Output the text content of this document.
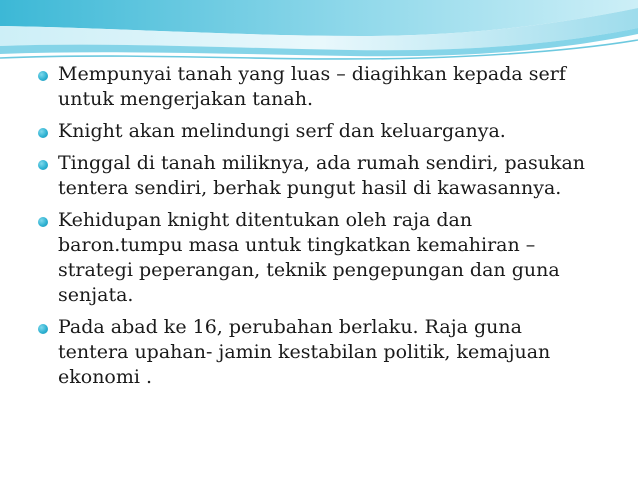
Mempunyai tanah yang luas – diagihkan kepada serf untuk mengerjakan tanah.
Knight akan melindungi serf dan keluarganya.
Tinggal di tanah miliknya, ada rumah sendiri, pasukan tentera sendiri, berhak pungut hasil di kawasannya.
Kehidupan knight ditentukan oleh raja dan baron.tumpu masa untuk tingkatkan kemahiran – strategi peperangan, teknik pengepungan dan guna senjata.
Pada abad ke 16, perubahan berlaku. Raja guna tentera upahan- jamin kestabilan politik, kemajuan ekonomi .
